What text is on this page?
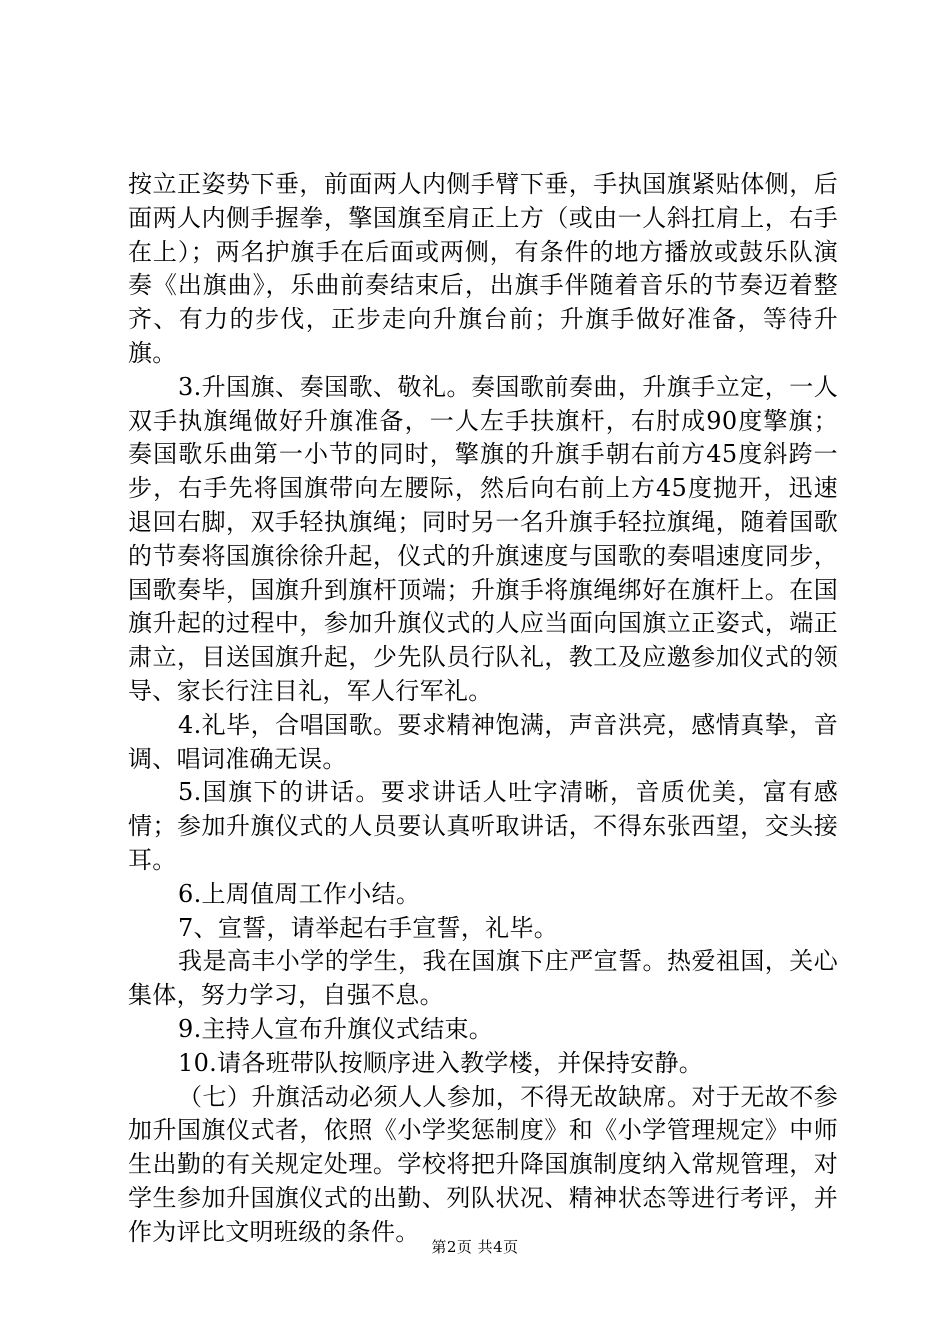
按立正姿势下垂，前面两人内侧手臂下垂，手执国旗紧贴体侧，后面两人内侧手握拳，擎国旗至肩正上方（或由一人斜扛肩上，右手在上）；两名护旗手在后面或两侧，有条件的地方播放或鼓乐队演奏《出旗曲》，乐曲前奏结束后，出旗手伴随着音乐的节奏迈着整齐、有力的步伐，正步走向升旗台前；升旗手做好准备，等待升旗。

3.升国旗、奏国歌、敬礼。奏国歌前奏曲，升旗手立定，一人双手执旗绳做好升旗准备，一人左手扶旗杆，右肘成90度擎旗；奏国歌乐曲第一小节的同时，擎旗的升旗手朝右前方45度斜跨一步，右手先将国旗带向左腰际，然后向右前上方45度抛开，迅速退回右脚，双手轻执旗绳；同时另一名升旗手轻拉旗绳，随着国歌的节奏将国旗徐徐升起，仪式的升旗速度与国歌的奏唱速度同步，国歌奏毕，国旗升到旗杆顶端；升旗手将旗绳绑好在旗杆上。在国旗升起的过程中，参加升旗仪式的人应当面向国旗立正姿式，端正肃立，目送国旗升起，少先队员行队礼，教工及应邀参加仪式的领导、家长行注目礼，军人行军礼。

4.礼毕，合唱国歌。要求精神饱满，声音洪亮，感情真挚，音调、唱词准确无误。

5.国旗下的讲话。要求讲话人吐字清晰，音质优美，富有感情；参加升旗仪式的人员要认真听取讲话，不得东张西望，交头接耳。

6.上周值周工作小结。

7、宣誓，请举起右手宣誓，礼毕。

我是高丰小学的学生，我在国旗下庄严宣誓。热爱祖国，关心集体，努力学习，自强不息。

9.主持人宣布升旗仪式结束。

10.请各班带队按顺序进入教学楼，并保持安静。

（七）升旗活动必须人人参加，不得无故缺席。对于无故不参加升国旗仪式者，依照《小学奖惩制度》和《小学管理规定》中师生出勤的有关规定处理。学校将把升降国旗制度纳入常规管理，对学生参加升国旗仪式的出勤、列队状况、精神状态等进行考评，并作为评比文明班级的条件。

第2页 共4页
